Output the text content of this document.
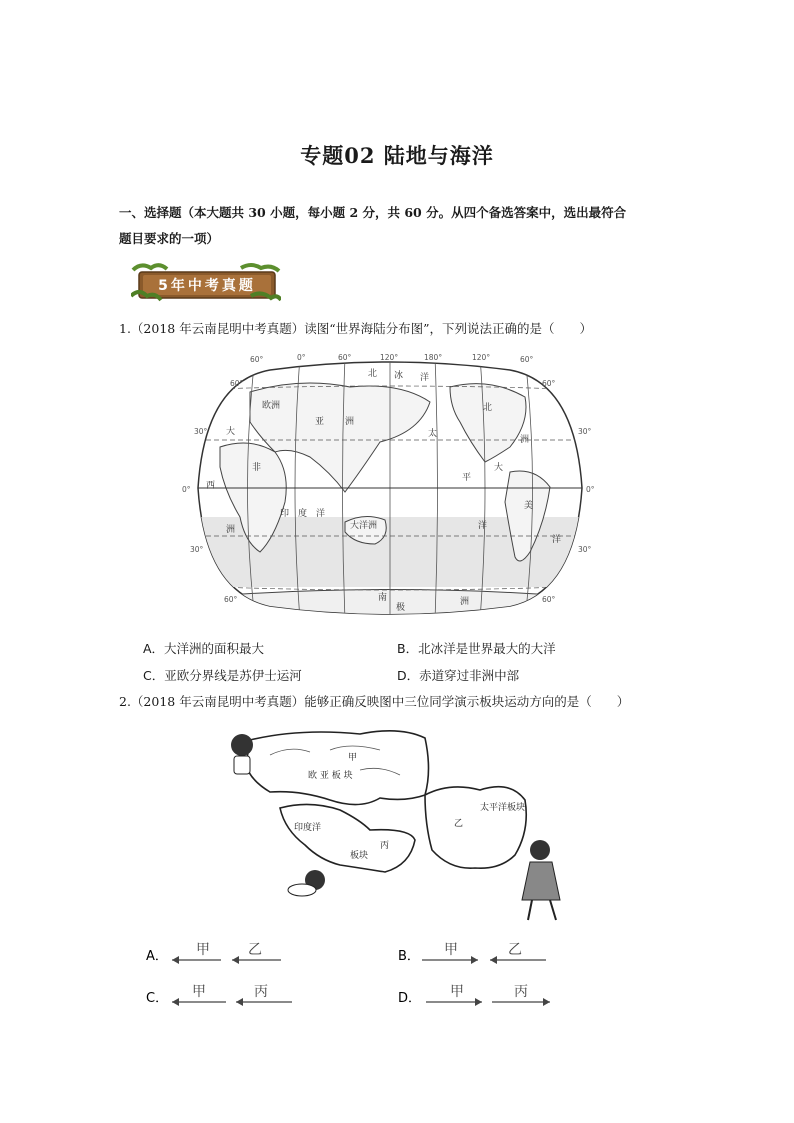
专题02 陆地与海洋
一、选择题（本大题共 30 小题，每小题 2 分，共 60 分。从四个备选答案中，选出最符合
题目要求的一项）
5年中考真题
1.（2018 年云南昆明中考真题）读图“世界海陆分布图”，下列说法正确的是（　　）
60°	0°	60°	120°	180°	120°	60°
60°
30°
0°
30°
60°
60°
30°
0°
30°
60°
北 冰 洋
欧洲
亚 洲
北
大
非
印 度 洋
大洋洲
太
平
洋
美
洲
西
洲
南
极
洲
大
洋
A．大洋洲的面积最大	B．北冰洋是世界最大的大洋
C．亚欧分界线是苏伊士运河	D．赤道穿过非洲中部
2.（2018 年云南昆明中考真题）能够正确反映图中三位同学演示板块运动方向的是（　　）
甲
欧 亚 板 块
印度洋
丙
板块
乙
太平洋板块
A． 甲	乙	B． 甲	乙
C． 甲	丙	D． 甲	丙
